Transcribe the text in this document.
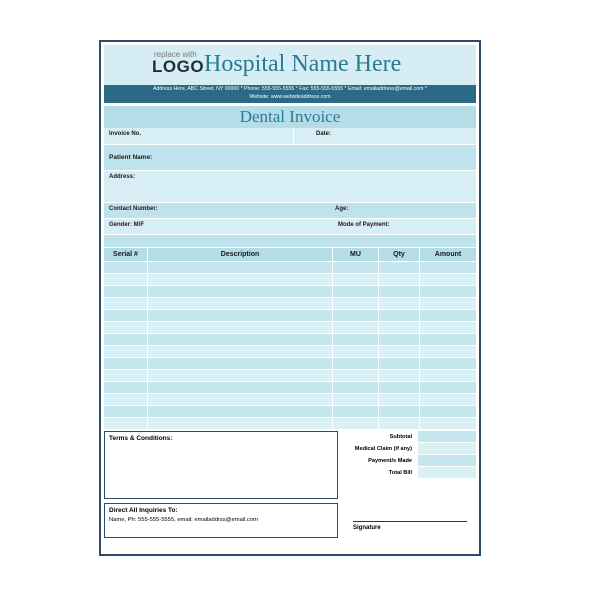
replace with
LOGO Hospital Name Here
Address Here, ABC Street, NY 00000 * Phone: 555-555-5555 * Fax: 555-555-5555 * Email: emailaddress@email.com *
Website: www.websiteaddress.com
Dental Invoice
Invoice No.	Date:
Patient Name:
Address:
Contact Number:	Age:
Gender: M/F	Mode of Payment:
Serial #	Description	MU	Qty	Amount
Terms & Conditions:	Subtotal
Medical Claim (if any)
Payment/s Made
Total Bill
Direct All Inquiries To:
Name, Ph: 555-555-5555, email: emailaddrss@email.com
Signature
